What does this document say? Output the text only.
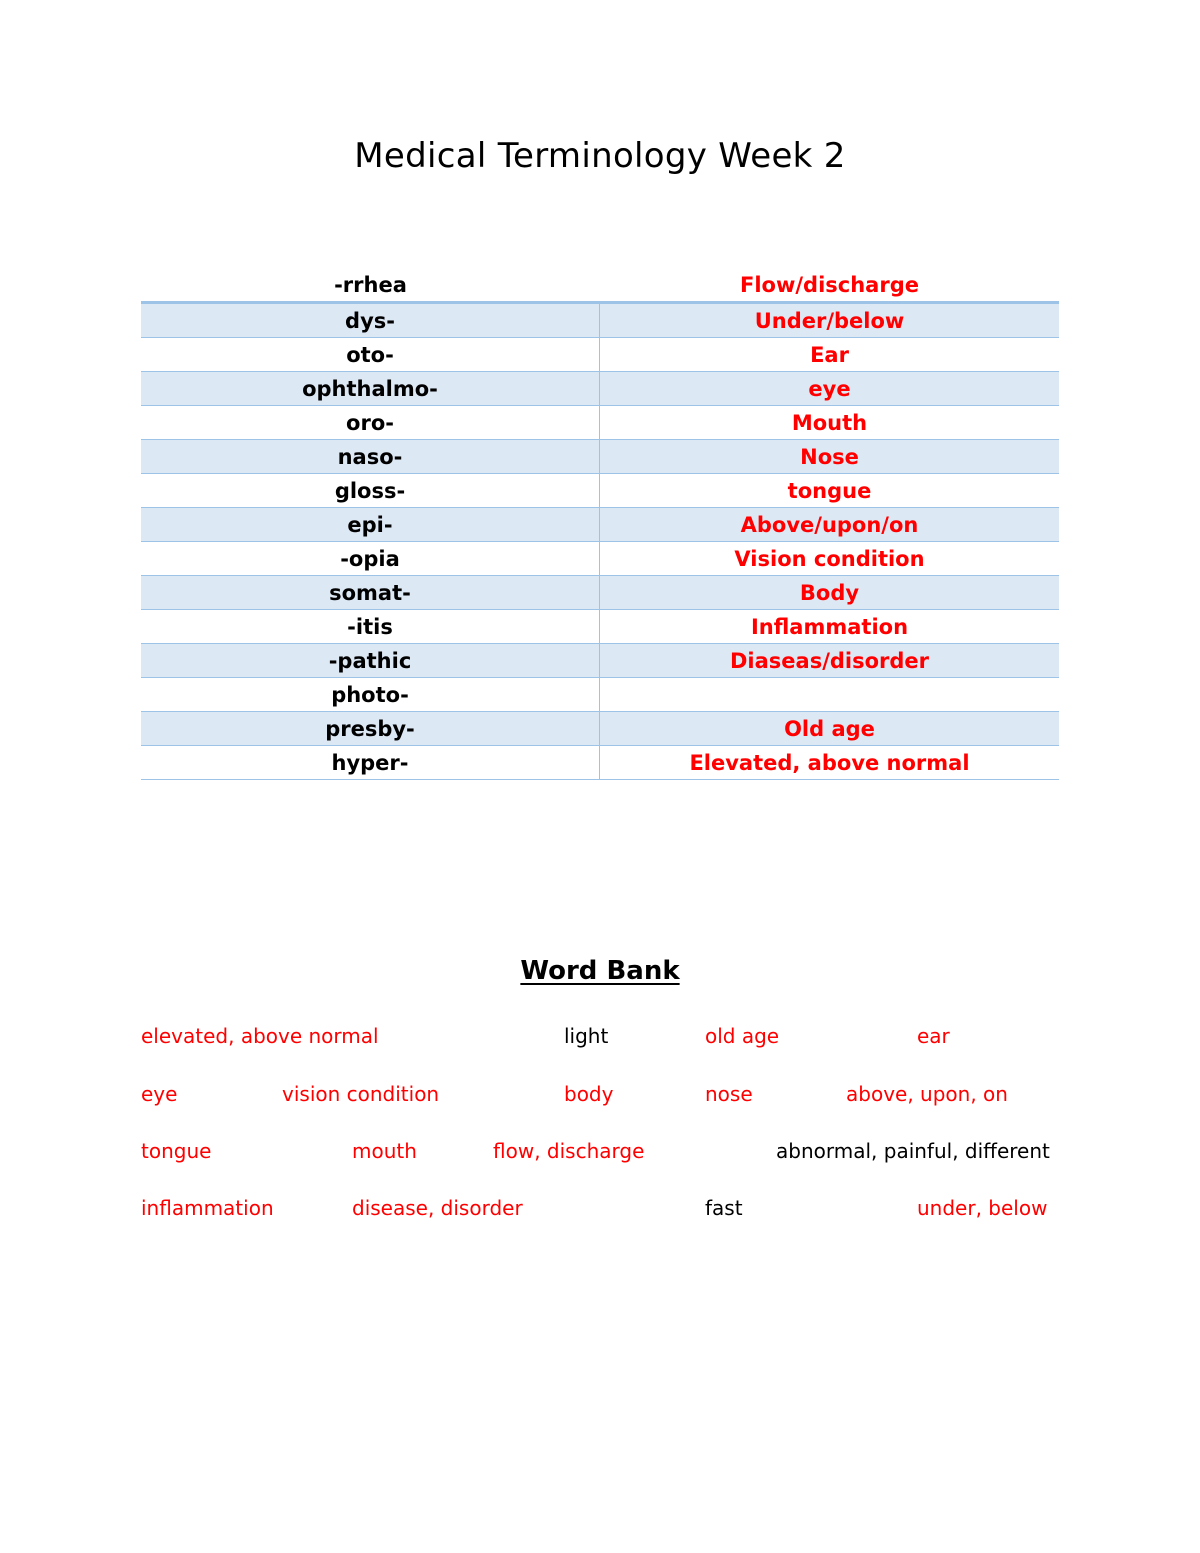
Medical Terminology Week 2
-rrhea	Flow/discharge
dys-	Under/below
oto-	Ear
ophthalmo-	eye
oro-	Mouth
naso-	Nose
gloss-	tongue
epi-	Above/upon/on
-opia	Vision condition
somat-	Body
-itis	Inflammation
-pathic	Diaseas/disorder
photo-
presby-	Old age
hyper-	Elevated, above normal
Word Bank
elevated, above normal	light	old age	ear
eye	vision condition	body	nose	above, upon, on
tongue	mouth	flow, discharge	abnormal, painful, different
inflammation	disease, disorder	fast	under, below
